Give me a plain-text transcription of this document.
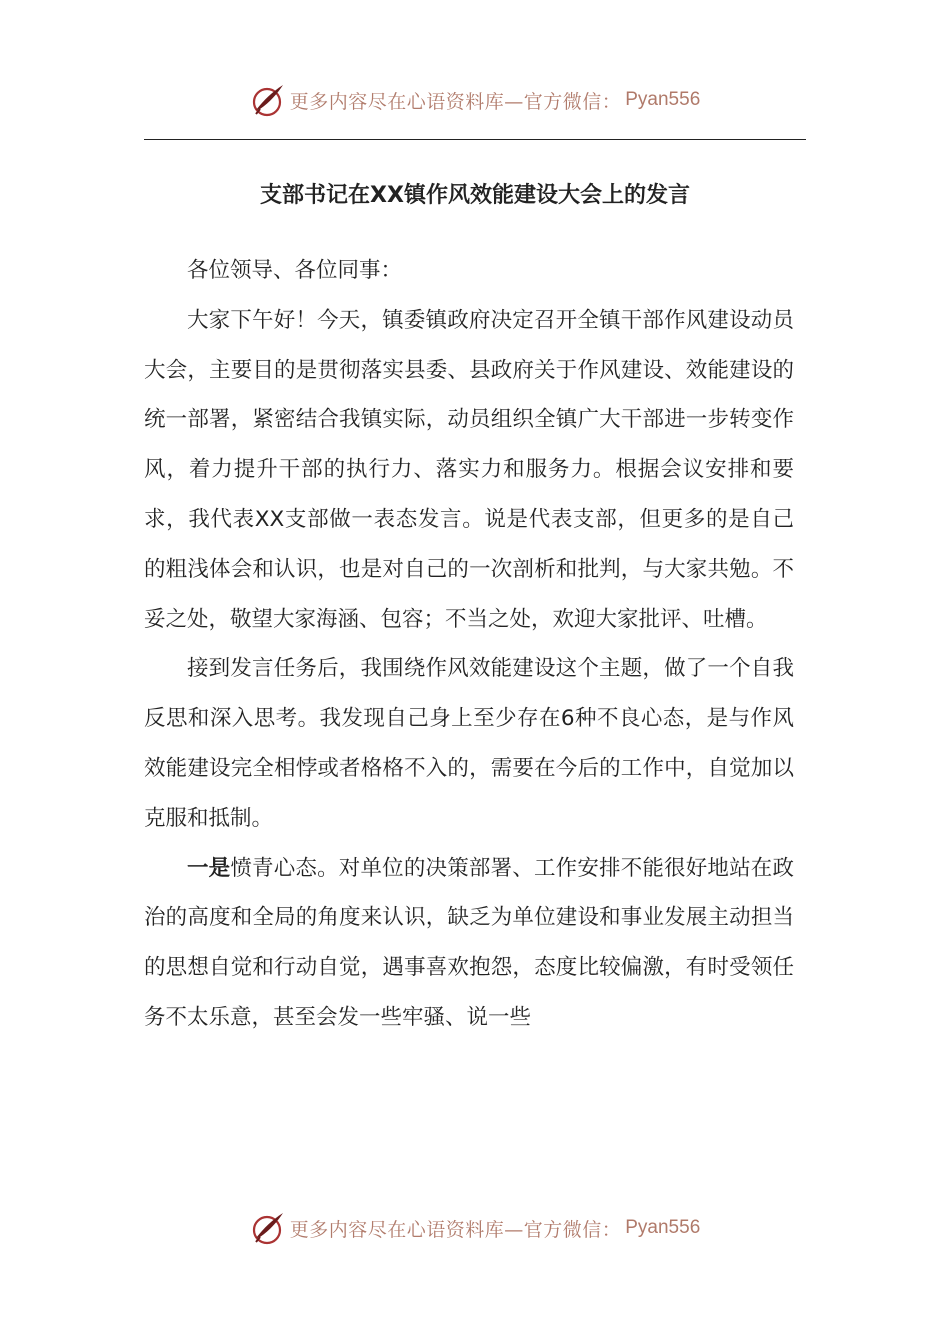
更多内容尽在心语资料库—官方微信： Pyan556
支部书记在XX镇作风效能建设大会上的发言

各位领导、各位同事：

大家下午好！今天，镇委镇政府决定召开全镇干部作风建设动员大会，主要目的是贯彻落实县委、县政府关于作风建设、效能建设的统一部署，紧密结合我镇实际，动员组织全镇广大干部进一步转变作风，着力提升干部的执行力、落实力和服务力。根据会议安排和要求，我代表XX支部做一表态发言。说是代表支部，但更多的是自己的粗浅体会和认识，也是对自己的一次剖析和批判，与大家共勉。不妥之处，敬望大家海涵、包容；不当之处，欢迎大家批评、吐槽。

接到发言任务后，我围绕作风效能建设这个主题，做了一个自我反思和深入思考。我发现自己身上至少存在6种不良心态，是与作风效能建设完全相悖或者格格不入的，需要在今后的工作中，自觉加以克服和抵制。

一是愤青心态。对单位的决策部署、工作安排不能很好地站在政治的高度和全局的角度来认识，缺乏为单位建设和事业发展主动担当的思想自觉和行动自觉，遇事喜欢抱怨，态度比较偏激，有时受领任务不太乐意，甚至会发一些牢骚、说一些

更多内容尽在心语资料库—官方微信： Pyan556
